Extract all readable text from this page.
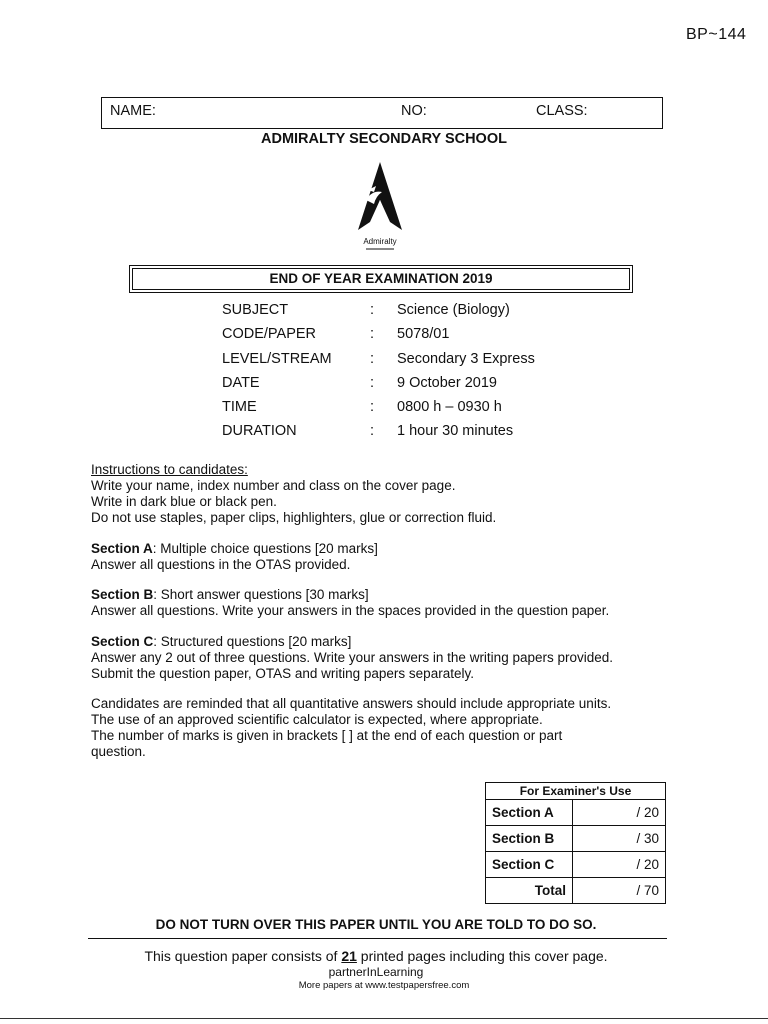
BP~144
NAME:	NO:	CLASS:
ADMIRALTY SECONDARY SCHOOL
Admiralty
END OF YEAR EXAMINATION 2019
SUBJECT	: Science (Biology)
CODE/PAPER	: 5078/01
LEVEL/STREAM	: Secondary 3 Express
DATE	: 9 October 2019
TIME	: 0800 h – 0930 h
DURATION	: 1 hour 30 minutes
Instructions to candidates:
Write your name, index number and class on the cover page.
Write in dark blue or black pen.
Do not use staples, paper clips, highlighters, glue or correction fluid.
Section A: Multiple choice questions [20 marks]
Answer all questions in the OTAS provided.
Section B: Short answer questions [30 marks]
Answer all questions. Write your answers in the spaces provided in the question paper.
Section C: Structured questions [20 marks]
Answer any 2 out of three questions. Write your answers in the writing papers provided.
Submit the question paper, OTAS and writing papers separately.
Candidates are reminded that all quantitative answers should include appropriate units.
The use of an approved scientific calculator is expected, where appropriate.
The number of marks is given in brackets [ ] at the end of each question or part
question.
For Examiner's Use	
Section A	/ 20
Section B	/ 30
Section C	/ 20
Total	/ 70
DO NOT TURN OVER THIS PAPER UNTIL YOU ARE TOLD TO DO SO.
This question paper consists of 21 printed pages including this cover page.
partnerInLearning
More papers at www.testpapersfree.com
